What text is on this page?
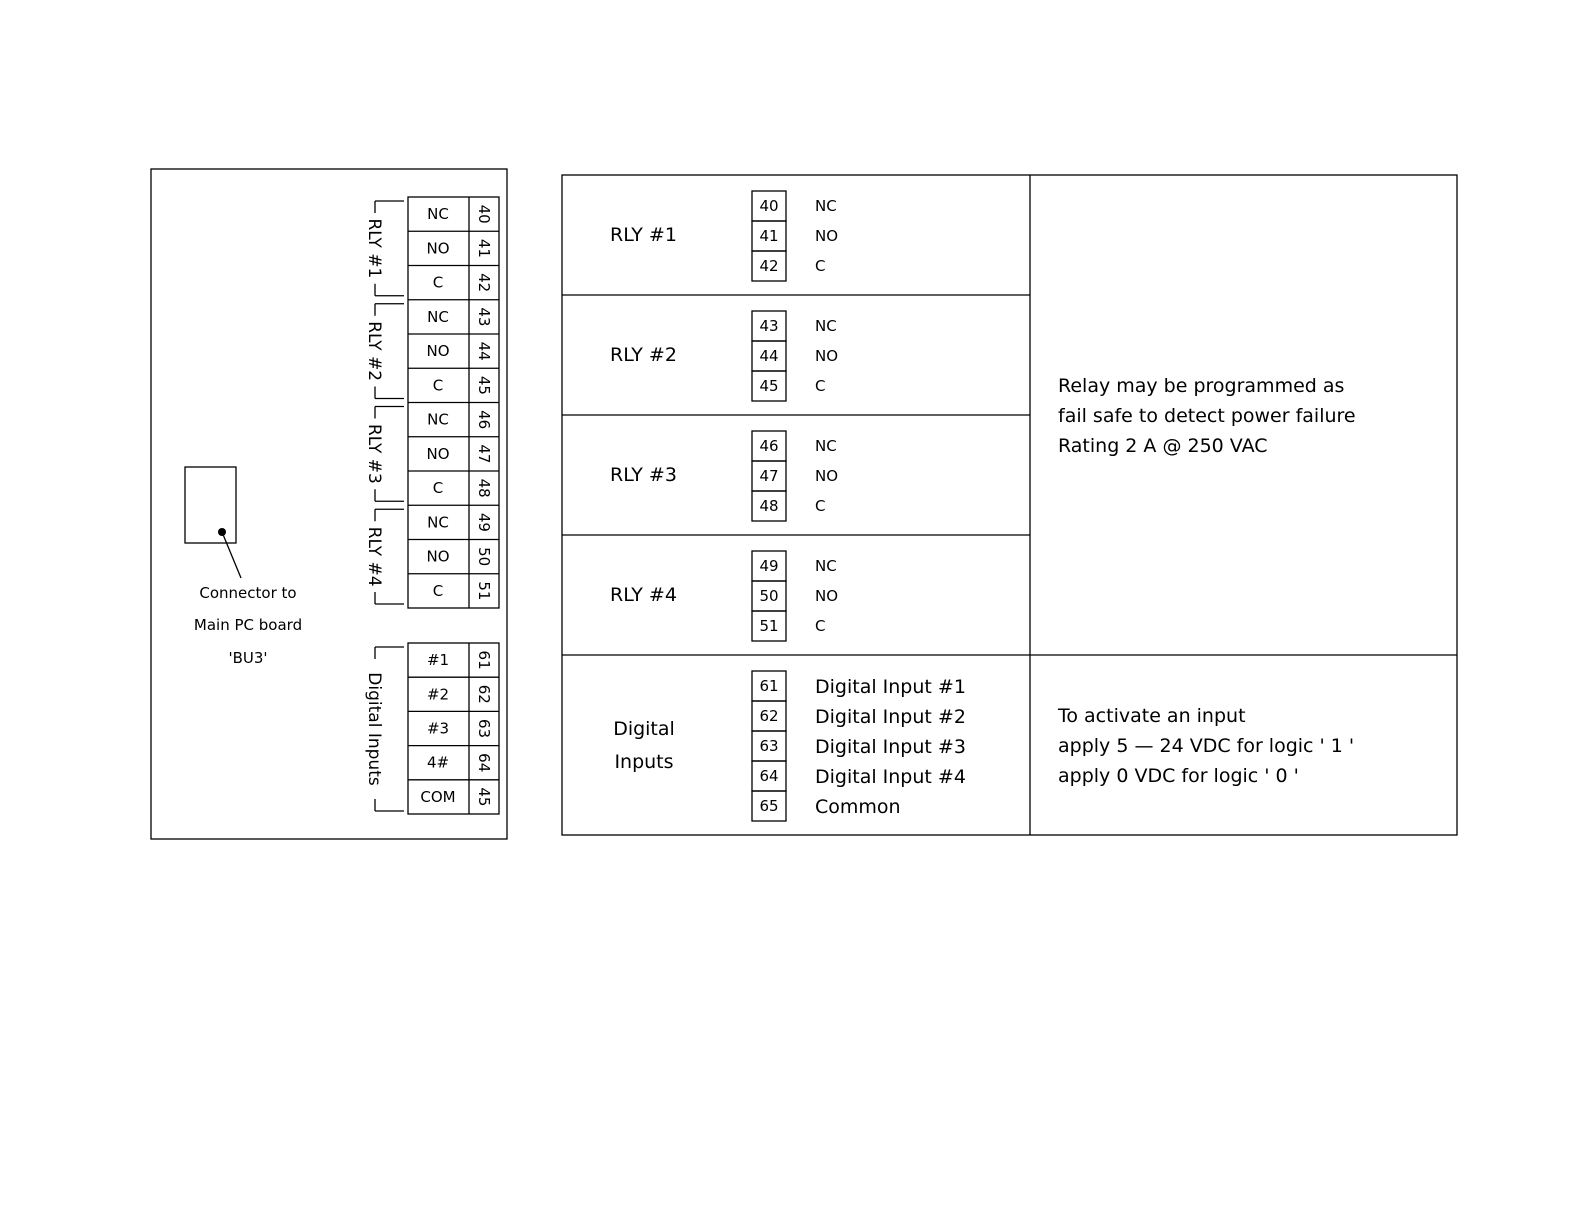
Connector to
Main PC board
'BU3'
NC 40
NO 41
C 42
NC 43
NO 44
C 45
NC 46
NO 47
C 48
NC 49
NO 50
C 51
RLY #1
RLY #2
RLY #3
RLY #4
#1 61
#2 62
#3 63
4# 64
COM 45
Digital Inputs
RLY #1
40 NC
41 NO
42 C
RLY #2
43 NC
44 NO
45 C
RLY #3
46 NC
47 NO
48 C
RLY #4
49 NC
50 NO
51 C
61 Digital Input #1
62 Digital Input #2
63 Digital Input #3
64 Digital Input #4
65 Common
Relay may be programmed as
fail safe to detect power failure
Rating 2 A @ 250 VAC
Digital
Inputs
To activate an input
apply 5 — 24 VDC for logic ' 1 '
apply 0 VDC for logic ' 0 '
